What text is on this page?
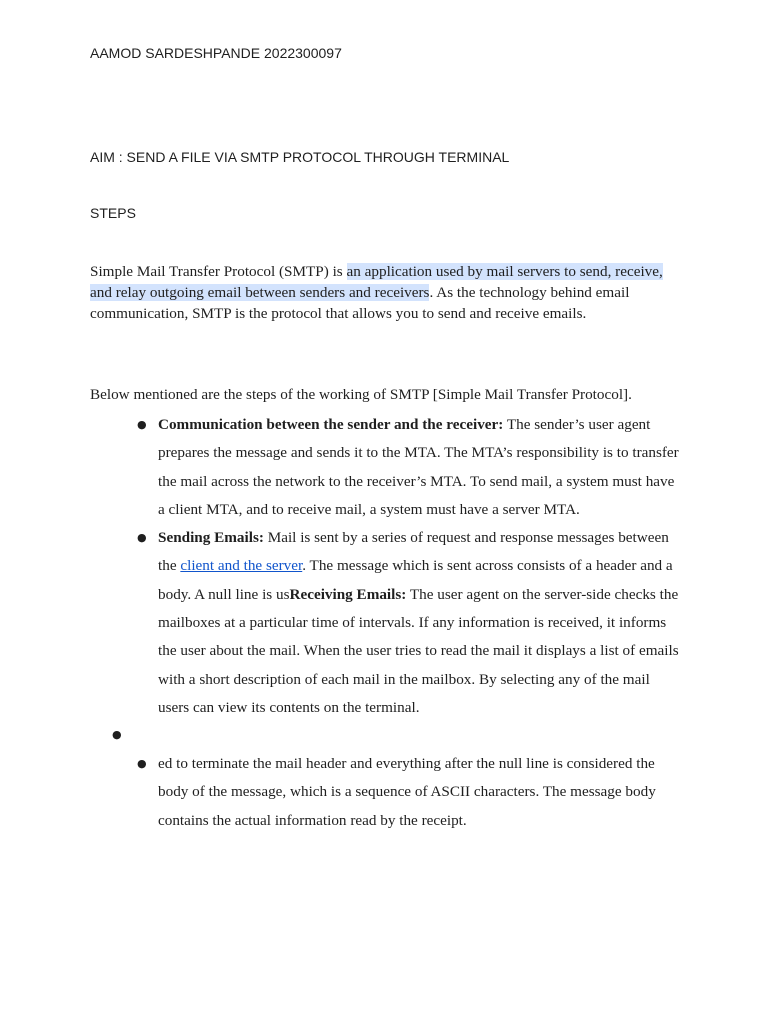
AAMOD SARDESHPANDE 2022300097
AIM : SEND A FILE VIA SMTP PROTOCOL THROUGH TERMINAL
STEPS
Simple Mail Transfer Protocol (SMTP) is an application used by mail servers to send, receive, and relay outgoing email between senders and receivers. As the technology behind email communication, SMTP is the protocol that allows you to send and receive emails.
Below mentioned are the steps of the working of SMTP [Simple Mail Transfer Protocol].
● Communication between the sender and the receiver: The sender’s user agent prepares the message and sends it to the MTA. The MTA’s responsibility is to transfer the mail across the network to the receiver’s MTA. To send mail, a system must have a client MTA, and to receive mail, a system must have a server MTA.
● Sending Emails: Mail is sent by a series of request and response messages between the client and the server. The message which is sent across consists of a header and a body. A null line is usReceiving Emails: The user agent on the server-side checks the mailboxes at a particular time of intervals. If any information is received, it informs the user about the mail. When the user tries to read the mail it displays a list of emails with a short description of each mail in the mailbox. By selecting any of the mail users can view its contents on the terminal.
●
● ed to terminate the mail header and everything after the null line is considered the body of the message, which is a sequence of ASCII characters. The message body contains the actual information read by the receipt.
